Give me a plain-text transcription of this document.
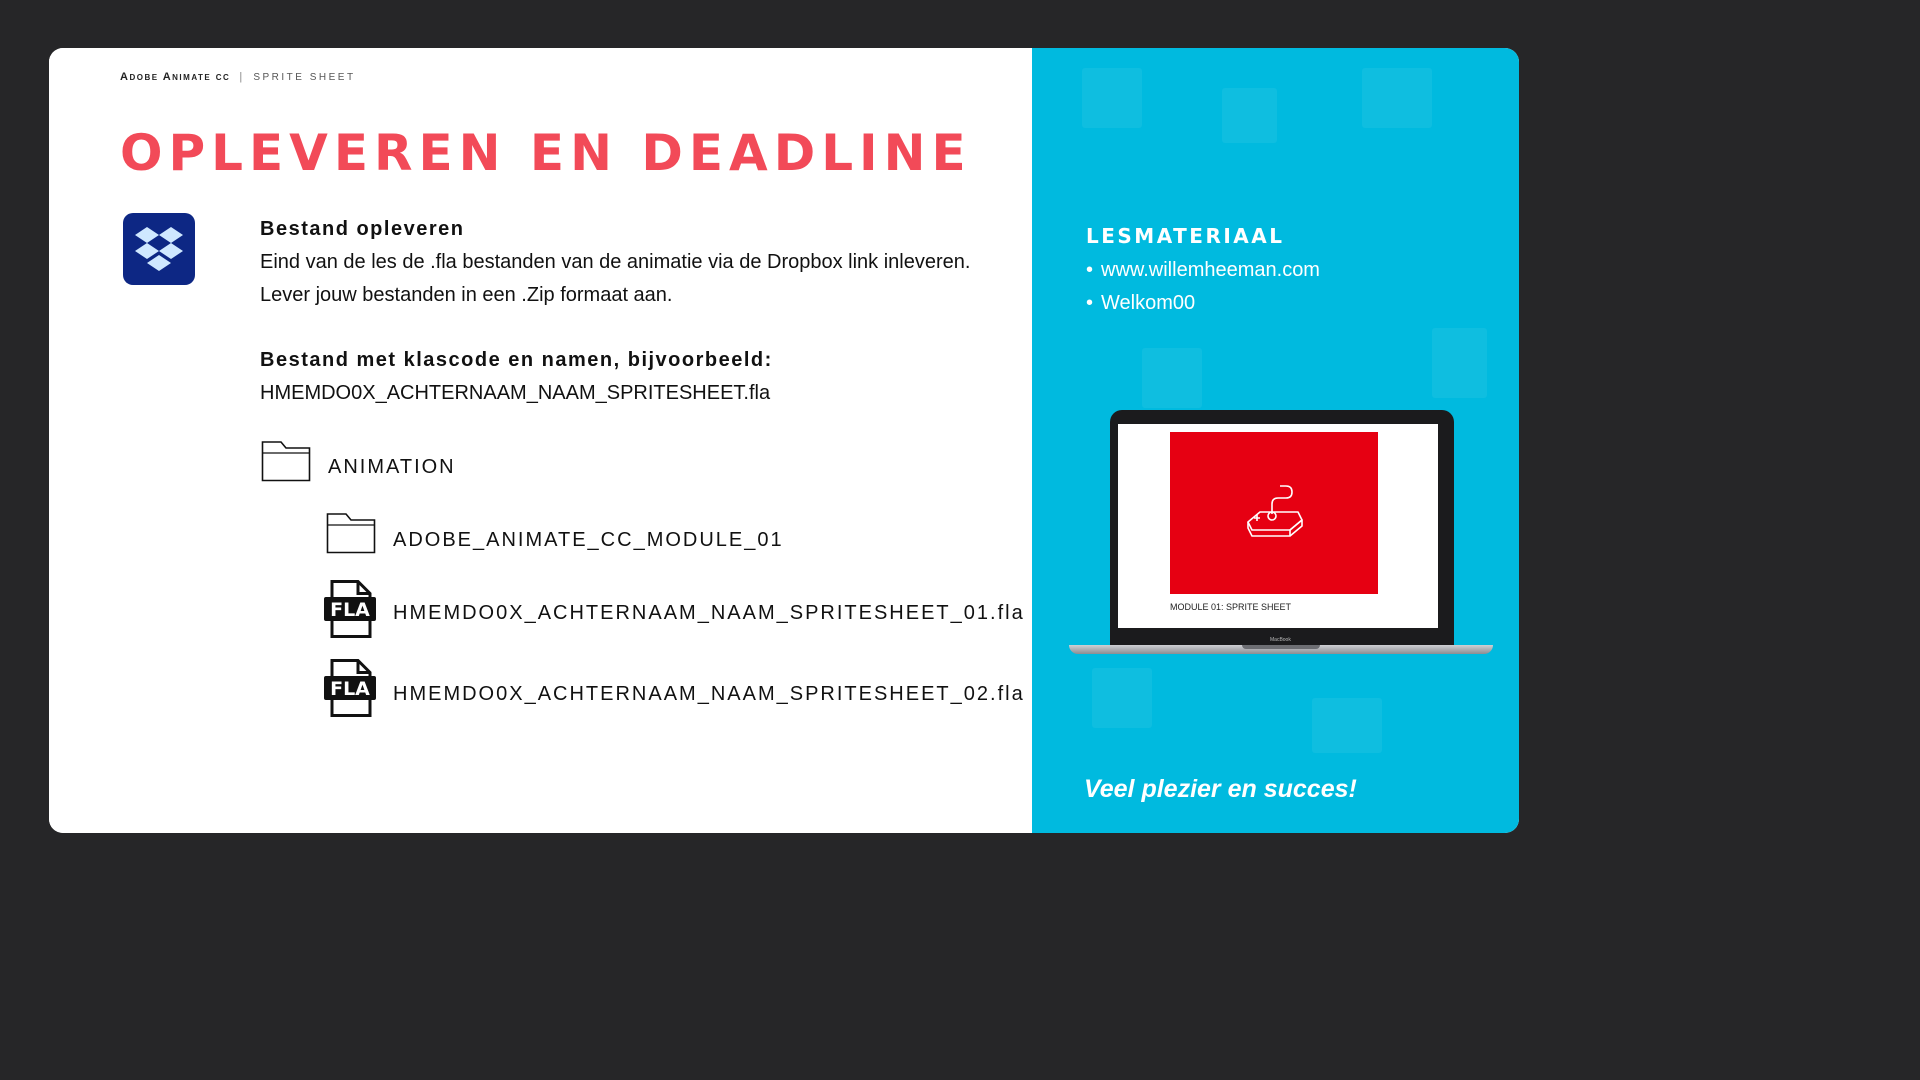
Adobe Animate cc | SPRITE SHEET
OPLEVEREN EN DEADLINE
Bestand opleveren
Eind van de les de .fla bestanden van de animatie via de Dropbox link inleveren.
Lever jouw bestanden in een .Zip formaat aan.
Bestand met klascode en namen, bijvoorbeeld:
HMEMDO0X_ACHTERNAAM_NAAM_SPRITESHEET.fla
ANIMATION
ADOBE_ANIMATE_CC_MODULE_01
FLA HMEMDO0X_ACHTERNAAM_NAAM_SPRITESHEET_01.fla
FLA HMEMDO0X_ACHTERNAAM_NAAM_SPRITESHEET_02.fla
LESMATERIAAL
• www.willemheeman.com
• Welkom00
MODULE 01: SPRITE SHEET
MacBook
Veel plezier en succes!
